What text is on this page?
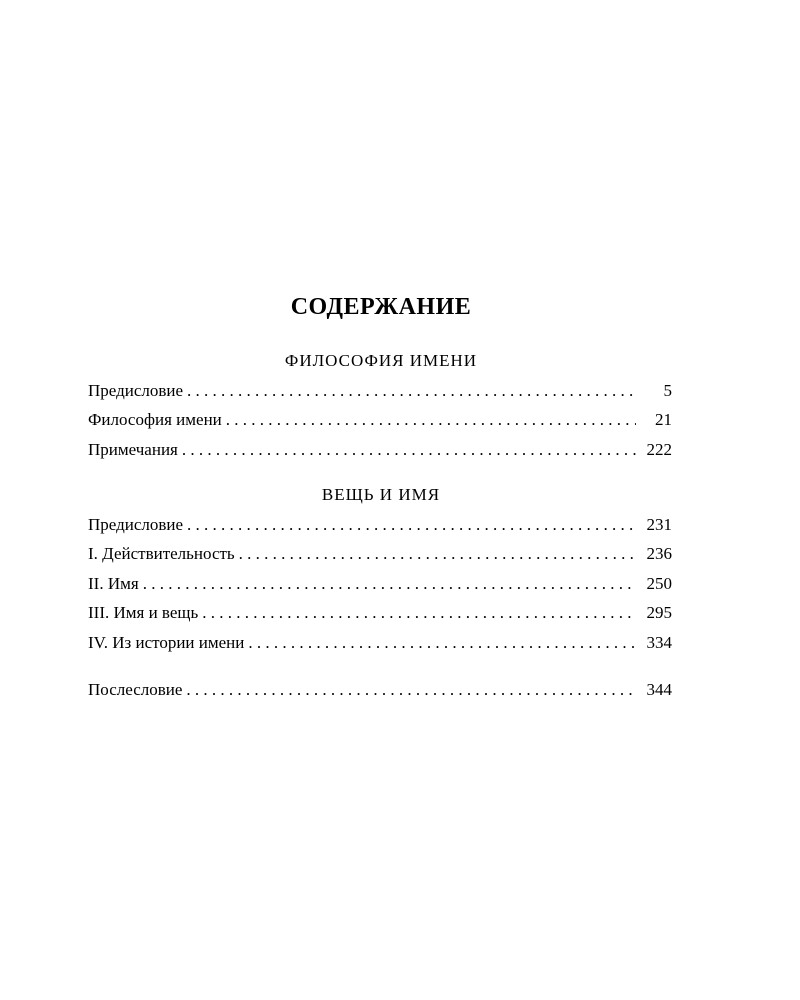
СОДЕРЖАНИЕ
ФИЛОСОФИЯ ИМЕНИ
Предисловие . . .	5
Философия имени . . .	21
Примечания . . .	222
ВЕЩЬ И ИМЯ
Предисловие . . .	231
I. Действительность . . .	236
II. Имя . . .	250
III. Имя и вещь . . .	295
IV. Из истории имени . . .	334
Послесловие . . .	344
